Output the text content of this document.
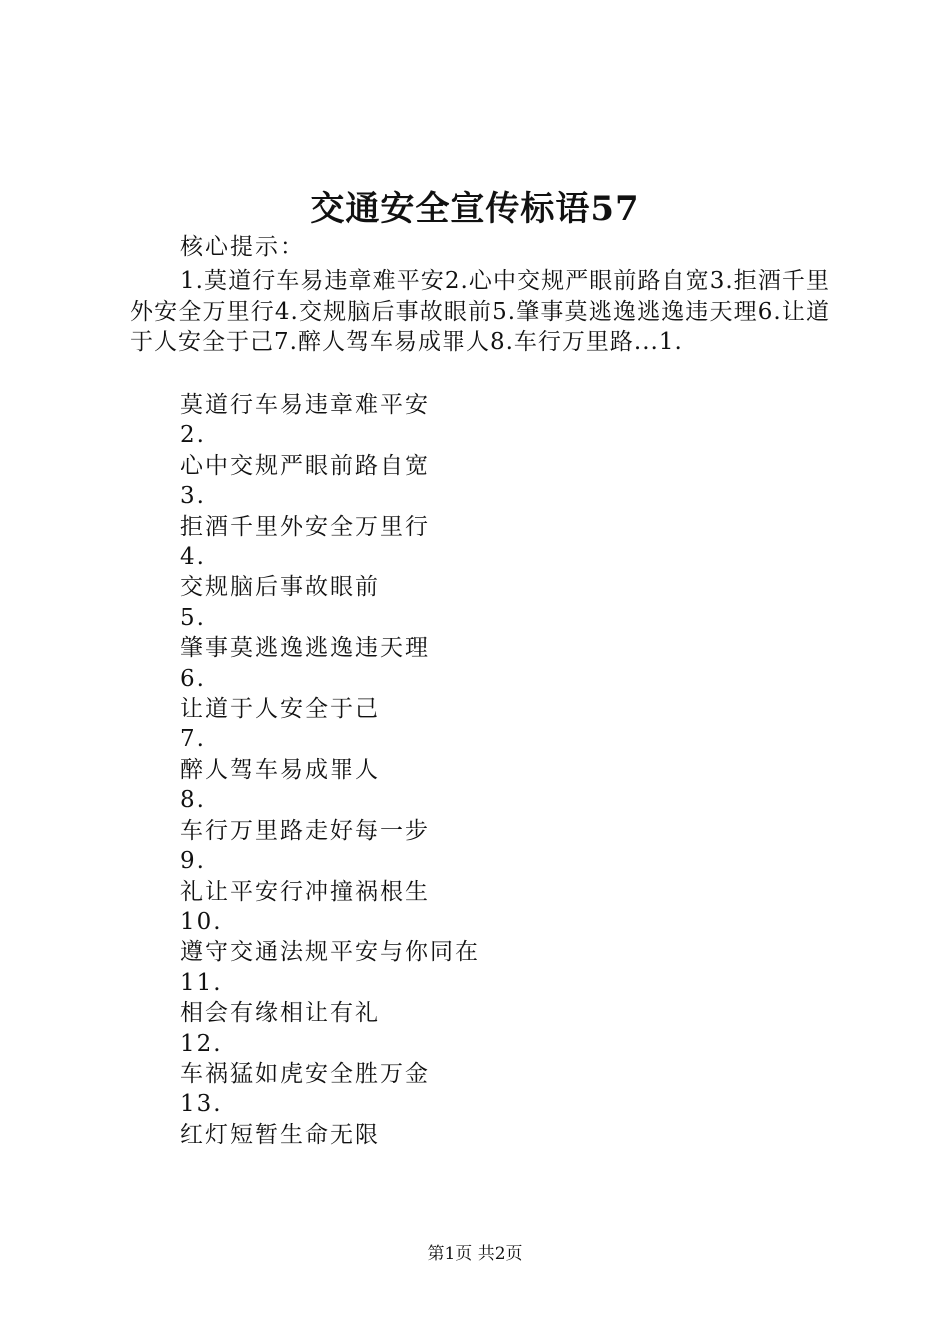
交通安全宣传标语57
核心提示：

1.莫道行车易违章难平安2.心中交规严眼前路自宽3.拒酒千里外安全万里行4.交规脑后事故眼前5.肇事莫逃逸逃逸违天理6.让道于人安全于己7.醉人驾车易成罪人8.车行万里路...1.

莫道行车易违章难平安
2.
心中交规严眼前路自宽
3.
拒酒千里外安全万里行
4.
交规脑后事故眼前
5.
肇事莫逃逸逃逸违天理
6.
让道于人安全于己
7.
醉人驾车易成罪人
8.
车行万里路走好每一步
9.
礼让平安行冲撞祸根生
10.
遵守交通法规平安与你同在
11.
相会有缘相让有礼
12.
车祸猛如虎安全胜万金
13.
红灯短暂生命无限
第1页 共2页
